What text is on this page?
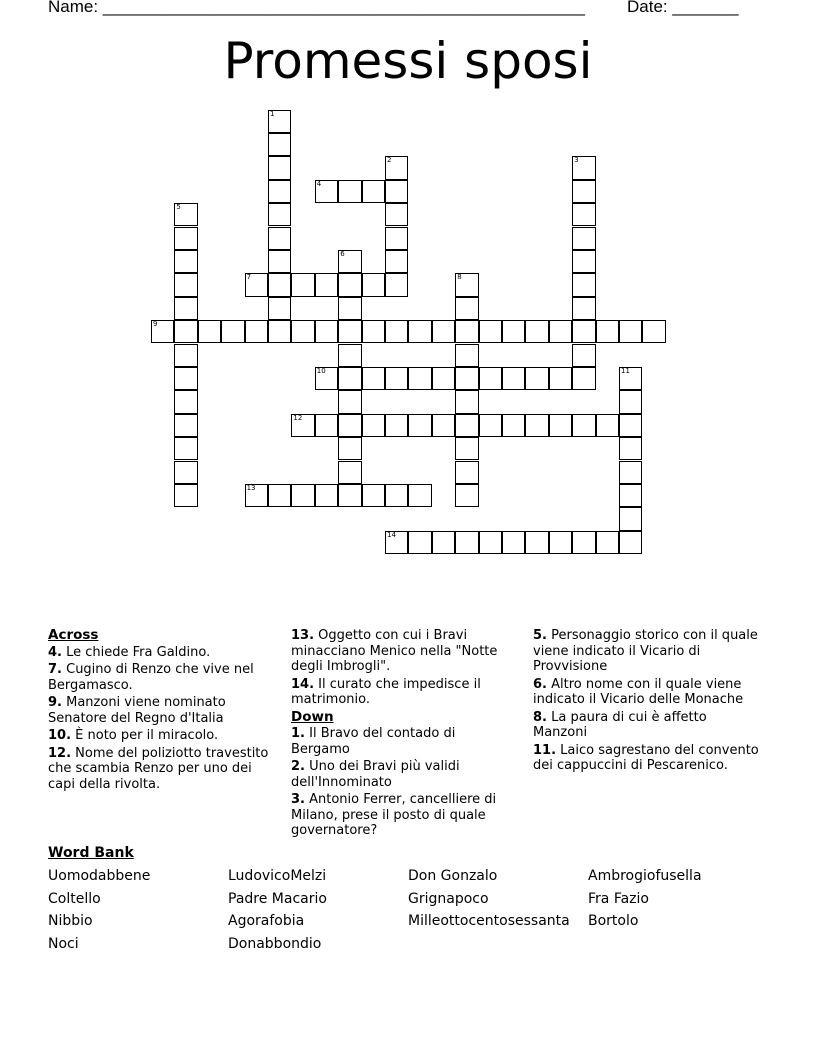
Name: ___________________________________________________ Date: _______
Promessi sposi
1
2	3
4
5
6
7	8
9
10	11
12
13
14
Across
4. Le chiede Fra Galdino.
7. Cugino di Renzo che vive nel Bergamasco.
9. Manzoni viene nominato Senatore del Regno d'Italia
10. È noto per il miracolo.
12. Nome del poliziotto travestito che scambia Renzo per uno dei capi della rivolta.
13. Oggetto con cui i Bravi minacciano Menico nella "Notte degli Imbrogli".
14. Il curato che impedisce il matrimonio.
Down
1. Il Bravo del contado di Bergamo
2. Uno dei Bravi più validi dell'Innominato
3. Antonio Ferrer, cancelliere di Milano, prese il posto di quale governatore?
5. Personaggio storico con il quale viene indicato il Vicario di Provvisione
6. Altro nome con il quale viene indicato il Vicario delle Monache
8. La paura di cui è affetto Manzoni
11. Laico sagrestano del convento dei cappuccini di Pescarenico.
Word Bank
Uomodabbene
Coltello
Nibbio
Noci
LudovicoMelzi
Padre Macario
Agorafobia
Donabbondio
Don Gonzalo
Grignapoco
Milleottocentosessanta
Ambrogiofusella
Fra Fazio
Bortolo
